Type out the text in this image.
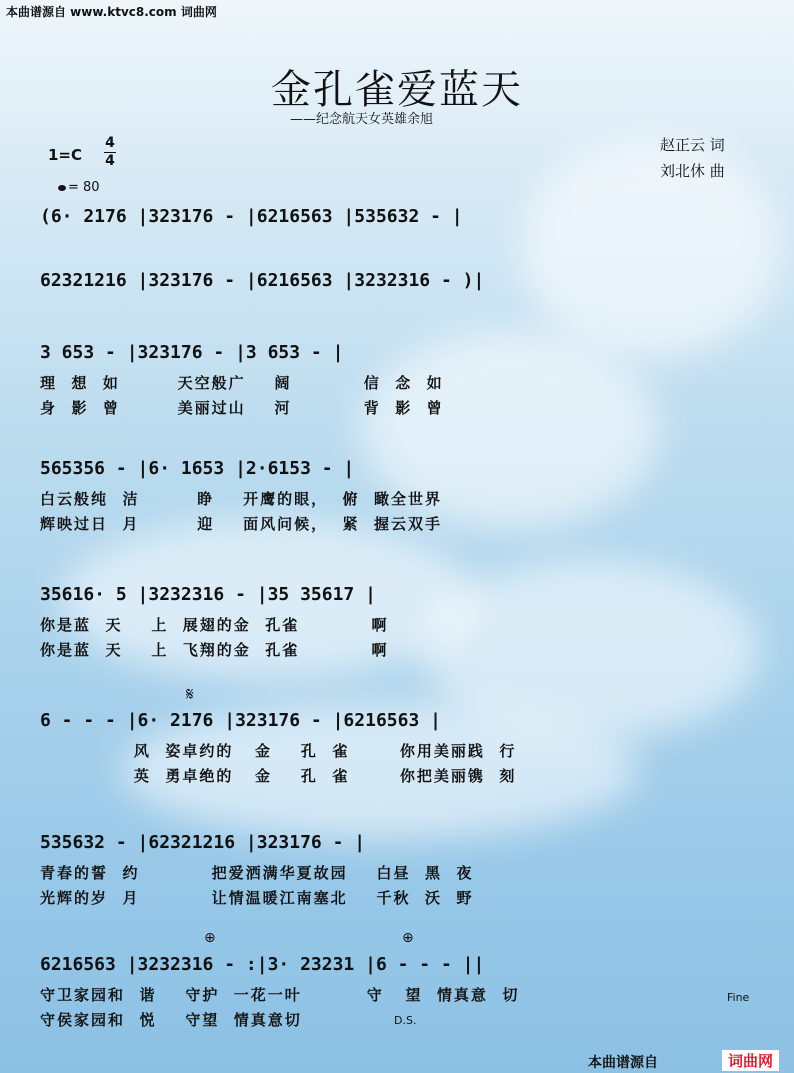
本曲谱源自 www.ktvc8.com 词曲网
金孔雀爱蓝天
——纪念航天女英雄余旭
1=C
4
4
= 80
赵正云 词
刘北休 曲
(6· 2176 |323176 - |6216563 |535632 - |
62321216 |323176 - |6216563 |3232316 - )|
3 653 - |323176 - |3 653 - |
理  想  如        天空般广    阔          信  念  如
身  影  曾        美丽过山    河          背  影  曾
565356 - |6· 1653 |2·6153 - |
白云般纯  洁        睁    开鹰的眼，  俯  瞰全世界
辉映过日  月        迎    面风问候，  紧  握云双手
35616· 5 |3232316 - |35 35617 |
你是蓝  天    上  展翅的金  孔雀          啊
你是蓝  天    上  飞翔的金  孔雀          啊
𝄋
6 - - - |6· 2176 |323176 - |6216563 |
风  姿卓约的   金    孔  雀       你用美丽践  行
英  勇卓绝的   金    孔  雀       你把美丽镌  刻
535632 - |62321216 |323176 - |
青春的誓  约          把爱洒满华夏故园    白昼  黑  夜
光辉的岁  月          让情温暖江南塞北    千秋  沃  野
⊕	⊕
6216563 |3232316 - :|3· 23231 |6 - - - ||
守卫家园和  谐    守护  一花一叶         守   望  情真意  切
守侯家园和  悦    守望  情真意切
Fine
D.S.
本曲谱源自	词曲网
